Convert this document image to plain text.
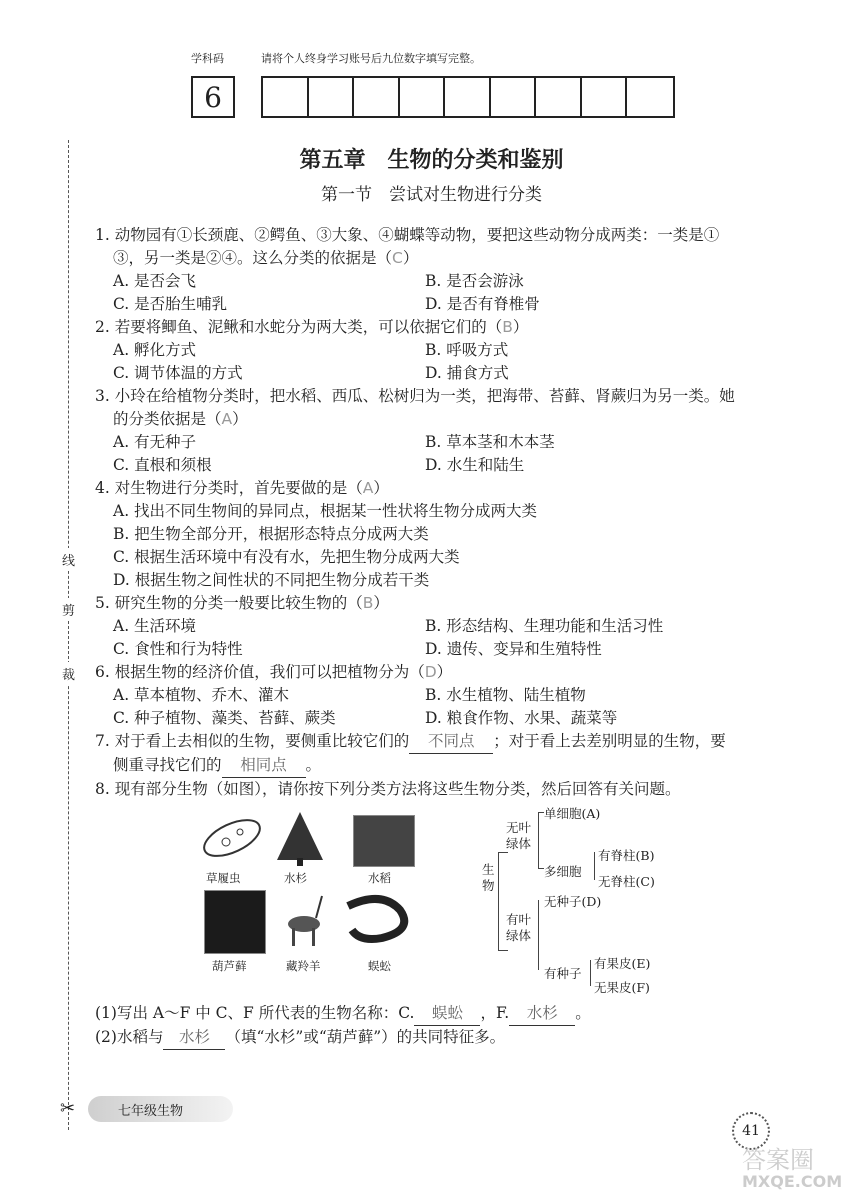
学科码	请将个人终身学习账号后九位数字填写完整。
6
线
剪
裁
✂
第五章　生物的分类和鉴别
第一节　尝试对生物进行分类
1. 动物园有①长颈鹿、②鳄鱼、③大象、④蝴蝶等动物，要把这些动物分成两类：一类是①
③，另一类是②④。这么分类的依据是（C）
A. 是否会飞	B. 是否会游泳
C. 是否胎生哺乳	D. 是否有脊椎骨
2. 若要将鲫鱼、泥鳅和水蛇分为两大类，可以依据它们的（B）
A. 孵化方式	B. 呼吸方式
C. 调节体温的方式	D. 捕食方式
3. 小玲在给植物分类时，把水稻、西瓜、松树归为一类，把海带、苔藓、肾蕨归为另一类。她
的分类依据是（A）
A. 有无种子	B. 草本茎和木本茎
C. 直根和须根	D. 水生和陆生
4. 对生物进行分类时，首先要做的是（A）
A. 找出不同生物间的异同点，根据某一性状将生物分成两大类
B. 把生物全部分开，根据形态特点分成两大类
C. 根据生活环境中有没有水，先把生物分成两大类
D. 根据生物之间性状的不同把生物分成若干类
5. 研究生物的分类一般要比较生物的（B）
A. 生活环境	B. 形态结构、生理功能和生活习性
C. 食性和行为特性	D. 遗传、变异和生殖特性
6. 根据生物的经济价值，我们可以把植物分为（D）
A. 草本植物、乔木、灌木	B. 水生植物、陆生植物
C. 种子植物、藻类、苔藓、蕨类	D. 粮食作物、水果、蔬菜等
7. 对于看上去相似的生物，要侧重比较它们的 不同点 ；对于看上去差别明显的生物，要
侧重寻找它们的 相同点 。
8. 现有部分生物（如图），请你按下列分类方法将这些生物分类，然后回答有关问题。
草履虫	水杉	水稻
葫芦藓	藏羚羊	蜈蚣
生物
无叶绿体
有叶绿体
单细胞(A)
多细胞
有脊柱(B)
无脊柱(C)
无种子(D)
有种子
有果皮(E)
无果皮(F)
(1)写出 A～F 中 C、F 所代表的生物名称：C. 蜈蚣 ，F. 水杉 。
(2)水稻与 水杉 （填“水杉”或“葫芦藓”）的共同特征多。
七年级生物
41
答案圈
MXQE.COM
